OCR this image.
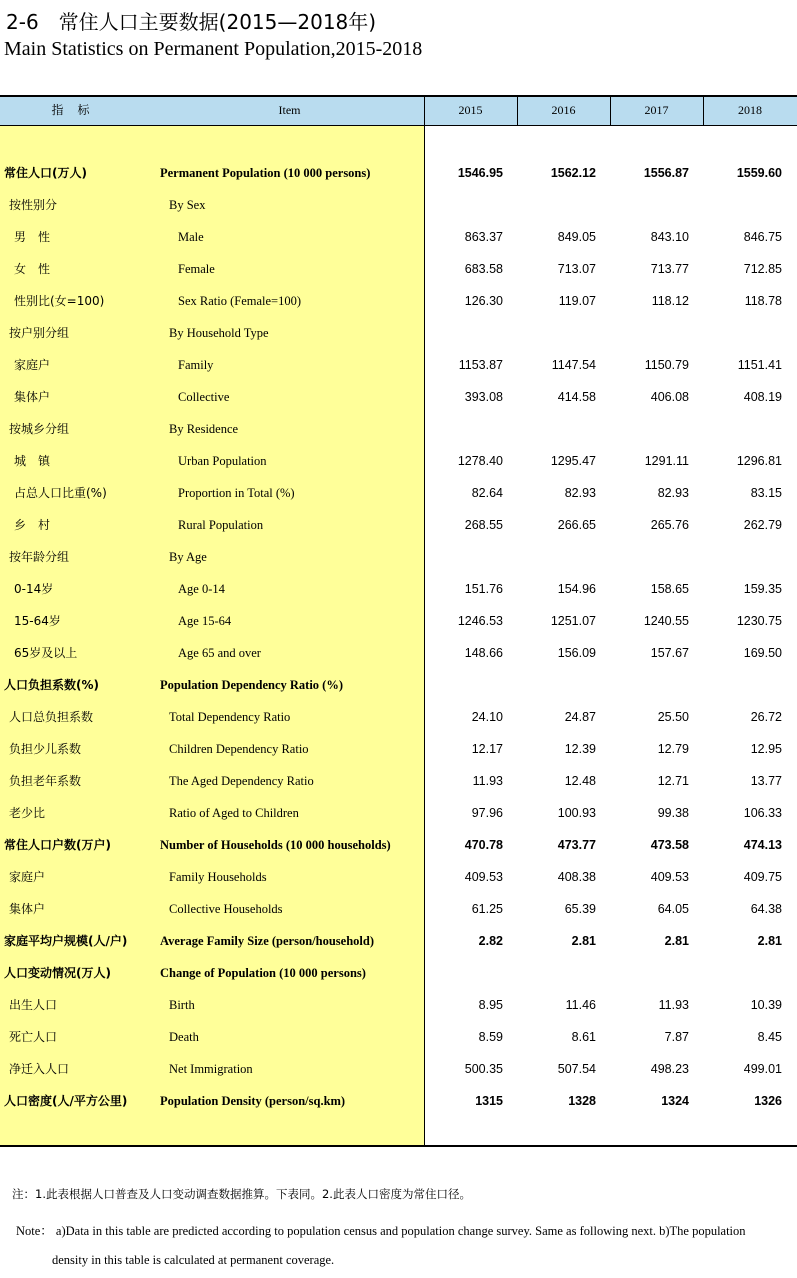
2-6　常住人口主要数据(2015—2018年)
Main Statistics on Permanent Population,2015-2018
指标	Item	2015	2016	2017	2018
常住人口(万人)	Permanent Population (10 000 persons)	1546.95	1562.12	1556.87	1559.60
按性别分	By Sex
男　性	Male	863.37	849.05	843.10	846.75
女　性	Female	683.58	713.07	713.77	712.85
性别比(女=100)	Sex Ratio (Female=100)	126.30	119.07	118.12	118.78
按户别分组	By Household Type
家庭户	Family	1153.87	1147.54	1150.79	1151.41
集体户	Collective	393.08	414.58	406.08	408.19
按城乡分组	By Residence
城　镇	Urban Population	1278.40	1295.47	1291.11	1296.81
占总人口比重(%)	Proportion in Total (%)	82.64	82.93	82.93	83.15
乡　村	Rural Population	268.55	266.65	265.76	262.79
按年龄分组	By Age
0-14岁	Age 0-14	151.76	154.96	158.65	159.35
15-64岁	Age 15-64	1246.53	1251.07	1240.55	1230.75
65岁及以上	Age 65 and over	148.66	156.09	157.67	169.50
人口负担系数(%)	Population Dependency Ratio (%)
人口总负担系数	Total Dependency Ratio	24.10	24.87	25.50	26.72
负担少儿系数	Children Dependency Ratio	12.17	12.39	12.79	12.95
负担老年系数	The Aged Dependency Ratio	11.93	12.48	12.71	13.77
老少比	Ratio of Aged to Children	97.96	100.93	99.38	106.33
常住人口户数(万户)	Number of Households (10 000 households)	470.78	473.77	473.58	474.13
家庭户	Family Households	409.53	408.38	409.53	409.75
集体户	Collective Households	61.25	65.39	64.05	64.38
家庭平均户规模(人/户)	Average Family Size (person/household)	2.82	2.81	2.81	2.81
人口变动情况(万人)	Change of Population (10 000 persons)
出生人口	Birth	8.95	11.46	11.93	10.39
死亡人口	Death	8.59	8.61	7.87	8.45
净迁入人口	Net Immigration	500.35	507.54	498.23	499.01
人口密度(人/平方公里)	Population Density (person/sq.km)	1315	1328	1324	1326
注：1.此表根据人口普查及人口变动调查数据推算。下表同。2.此表人口密度为常住口径。
Note： a)Data in this table are predicted according to population census and population change survey. Same as following next. b)The population
density in this table is calculated at permanent coverage.
